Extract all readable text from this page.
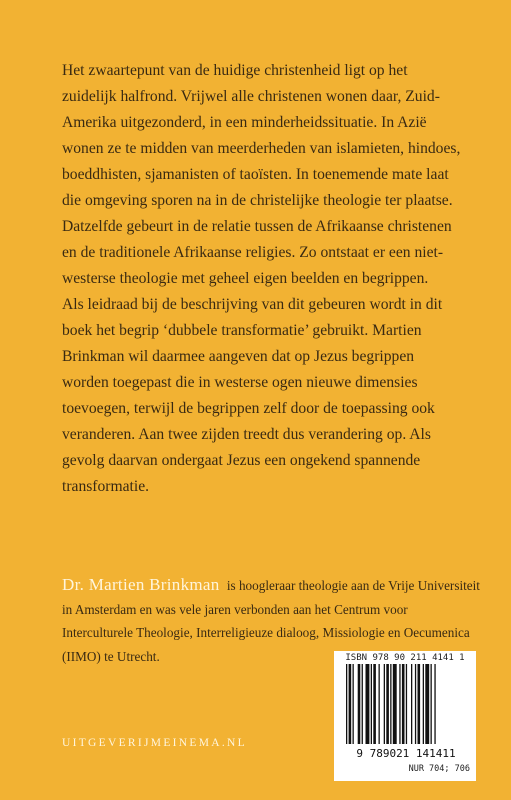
Het zwaartepunt van de huidige christenheid ligt op het zuidelijk halfrond. Vrijwel alle christenen wonen daar, Zuid-Amerika uitgezonderd, in een minderheidssituatie. In Azië wonen ze te midden van meerderheden van islamieten, hindoes, boeddhisten, sjamanisten of taoïsten. In toenemende mate laat die omgeving sporen na in de christelijke theologie ter plaatse. Datzelfde gebeurt in de relatie tussen de Afrikaanse christenen en de traditionele Afrikaanse religies. Zo ontstaat er een niet-westerse theologie met geheel eigen beelden en begrippen.
Als leidraad bij de beschrijving van dit gebeuren wordt in dit boek het begrip ‘dubbele transformatie’ gebruikt. Martien Brinkman wil daarmee aangeven dat op Jezus begrippen worden toegepast die in westerse ogen nieuwe dimensies toevoegen, terwijl de begrippen zelf door de toepassing ook veranderen. Aan twee zijden treedt dus verandering op. Als gevolg daarvan ondergaat Jezus een ongekend spannende transformatie.

Dr. Martien Brinkman is hoogleraar theologie aan de Vrije Universiteit in Amsterdam en was vele jaren verbonden aan het Centrum voor Interculturele Theologie, Interreligieuze dialoog, Missiologie en Oecumenica (IIMO) te Utrecht.	ISBN 978 90 211 4141 1
9 789021 141411
NUR 704; 706
UITGEVERIJMEINEMA.NL
